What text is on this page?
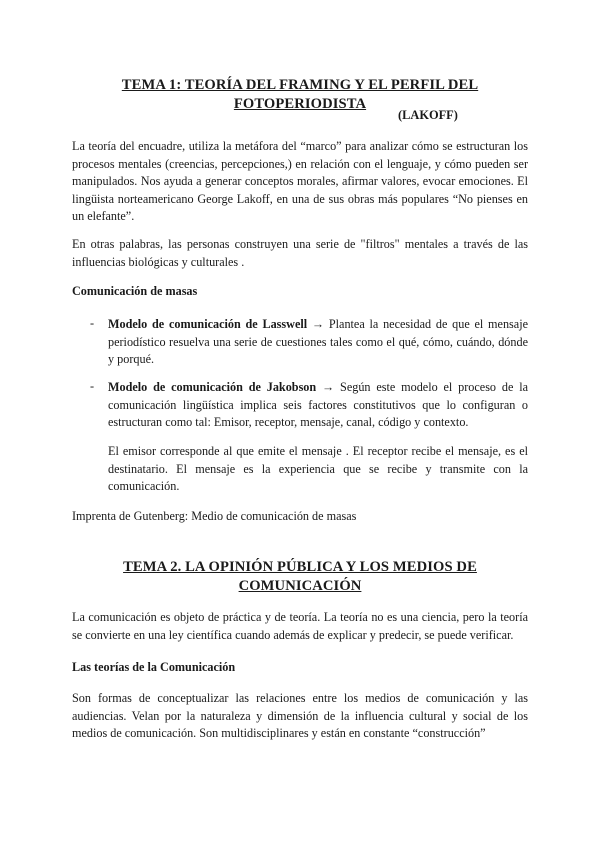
TEMA 1: TEORÍA DEL FRAMING Y EL PERFIL DEL
FOTOPERIODISTA
(LAKOFF)

La teoría del encuadre, utiliza la metáfora del “marco” para analizar cómo se estructuran los procesos mentales (creencias, percepciones,) en relación con el lenguaje, y cómo pueden ser manipulados. Nos ayuda a generar conceptos morales, afirmar valores, evocar emociones. El lingüista norteamericano George Lakoff, en una de sus obras más populares “No pienses en un elefante”.

En otras palabras, las personas construyen una serie de "filtros" mentales a través de las influencias biológicas y culturales .

Comunicación de masas
- Modelo de comunicación de Lasswell → Plantea la necesidad de que el mensaje periodístico resuelva una serie de cuestiones tales como el qué, cómo, cuándo, dónde y porqué.

- Modelo de comunicación de Jakobson → Según este modelo el proceso de la comunicación lingüística implica seis factores constitutivos que lo configuran o estructuran como tal: Emisor, receptor, mensaje, canal, código y contexto.

El emisor corresponde al que emite el mensaje . El receptor recibe el mensaje, es el destinatario. El mensaje es la experiencia que se recibe y transmite con la comunicación.

Imprenta de Gutenberg: Medio de comunicación de masas

TEMA 2. LA OPINIÓN PÚBLICA Y LOS MEDIOS DE
COMUNICACIÓN

La comunicación es objeto de práctica y de teoría. La teoría no es una ciencia, pero la teoría se convierte en una ley científica cuando además de explicar y predecir, se puede verificar.

Las teorías de la Comunicación

Son formas de conceptualizar las relaciones entre los medios de comunicación y las audiencias. Velan por la naturaleza y dimensión de la influencia cultural y social de los medios de comunicación. Son multidisciplinares y están en constante “construcción”
